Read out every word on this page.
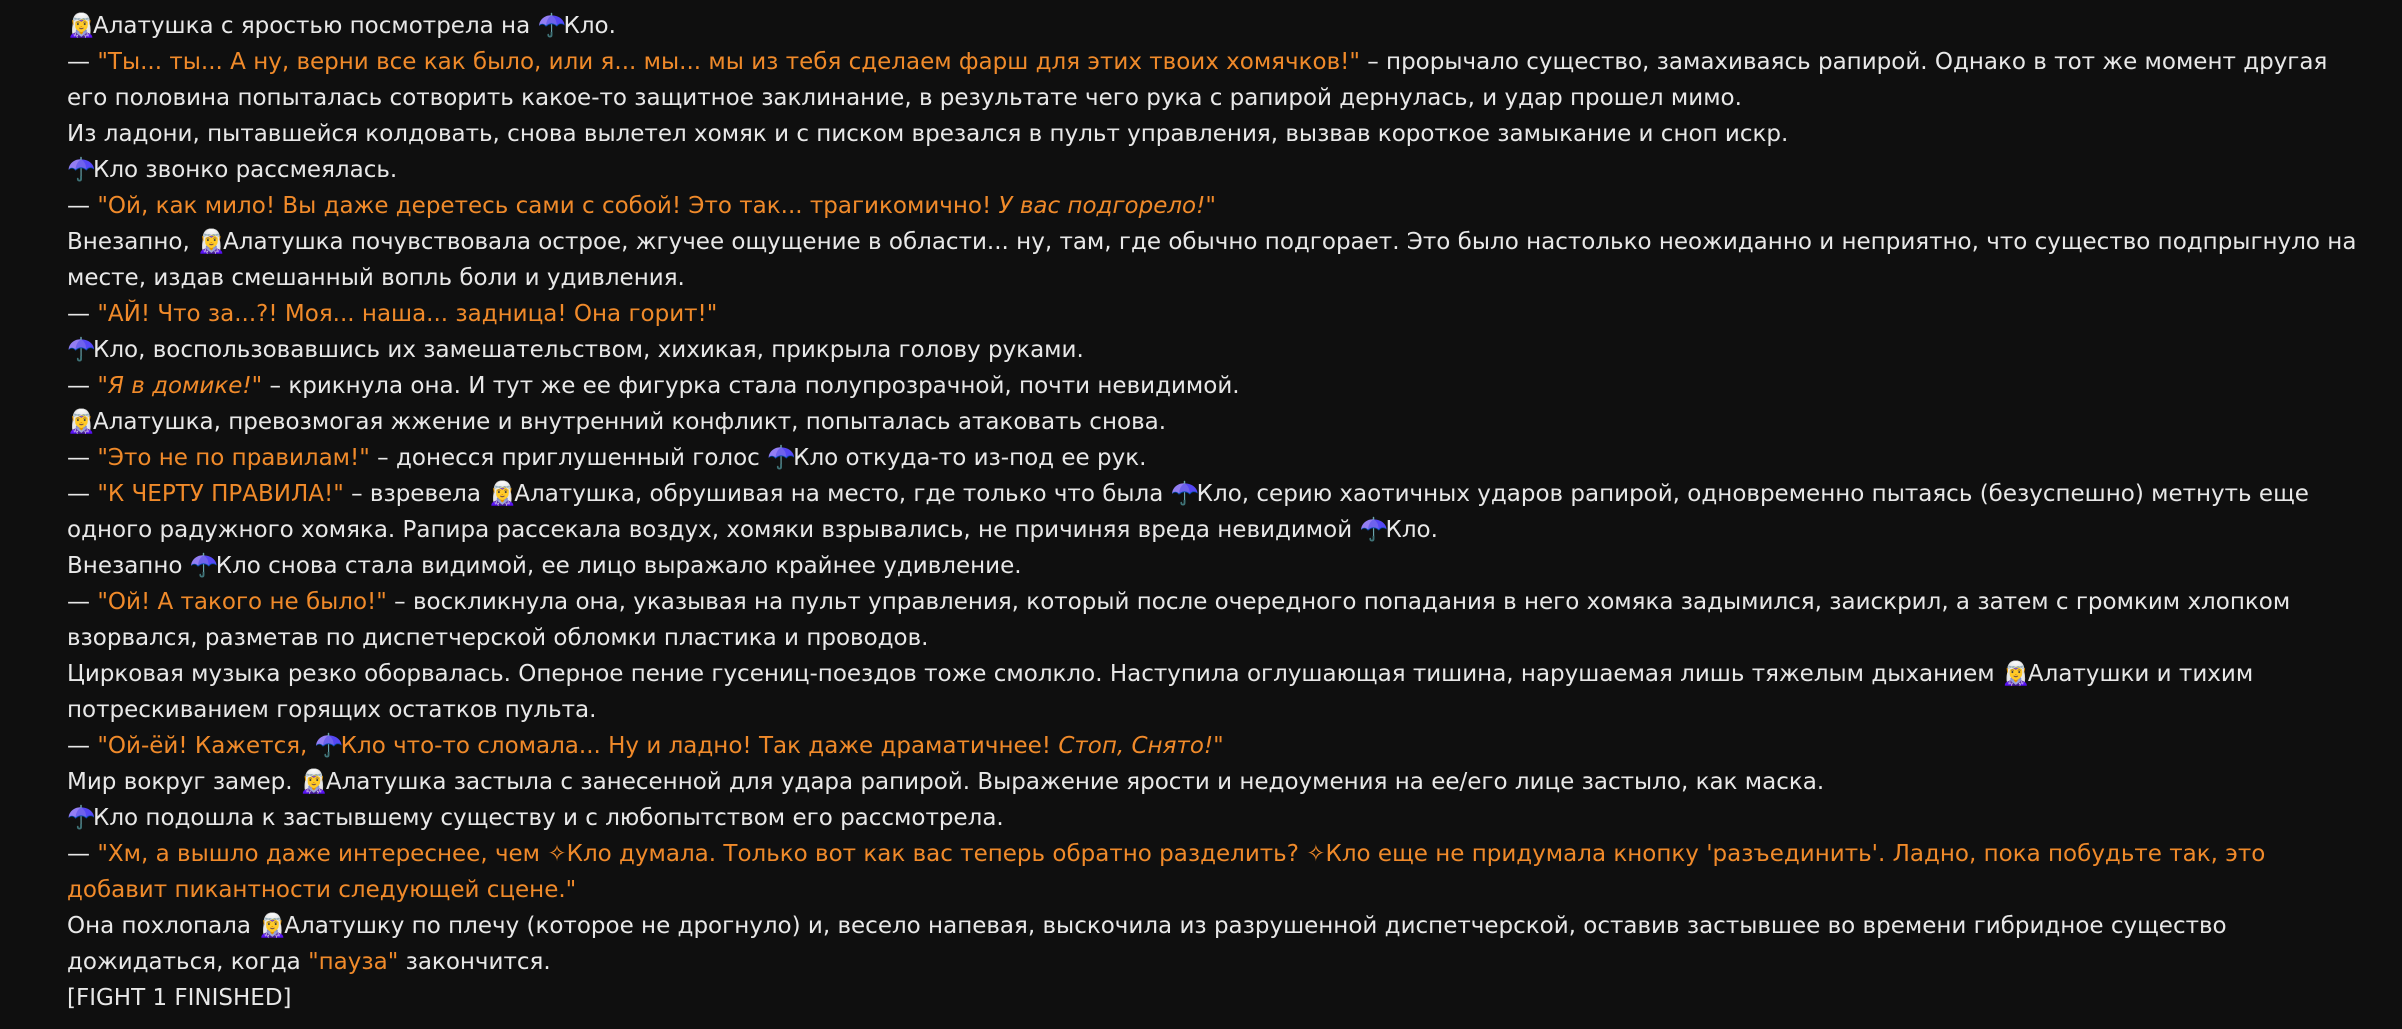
🧝‍♀️Алатушка с яростью посмотрела на ☂️Кло.

— "Ты... ты... А ну, верни все как было, или я... мы... мы из тебя сделаем фарш для этих твоих хомячков!" – прорычало существо, замахиваясь рапирой. Однако в тот же момент другая его половина попыталась сотворить какое-то защитное заклинание, в результате чего рука с рапирой дернулась, и удар прошел мимо.

Из ладони, пытавшейся колдовать, снова вылетел хомяк и с писком врезался в пульт управления, вызвав короткое замыкание и сноп искр.

☂️Кло звонко рассмеялась.

— "Ой, как мило! Вы даже деретесь сами с собой! Это так... трагикомично! У вас подгорело!"

Внезапно, 🧝‍♀️Алатушка почувствовала острое, жгучее ощущение в области... ну, там, где обычно подгорает. Это было настолько неожиданно и неприятно, что существо подпрыгнуло на месте, издав смешанный вопль боли и удивления.

— "АЙ! Что за...?! Моя... наша... задница! Она горит!"

☂️Кло, воспользовавшись их замешательством, хихикая, прикрыла голову руками.

— "Я в домике!" – крикнула она. И тут же ее фигурка стала полупрозрачной, почти невидимой.

🧝‍♀️Алатушка, превозмогая жжение и внутренний конфликт, попыталась атаковать снова.

— "Это не по правилам!" – донесся приглушенный голос ☂️Кло откуда-то из-под ее рук.

— "К ЧЕРТУ ПРАВИЛА!" – взревела 🧝‍♀️Алатушка, обрушивая на место, где только что была ☂️Кло, серию хаотичных ударов рапирой, одновременно пытаясь (безуспешно) метнуть еще одного радужного хомяка. Рапира рассекала воздух, хомяки взрывались, не причиняя вреда невидимой ☂️Кло.

Внезапно ☂️Кло снова стала видимой, ее лицо выражало крайнее удивление.

— "Ой! А такого не было!" – воскликнула она, указывая на пульт управления, который после очередного попадания в него хомяка задымился, заискрил, а затем с громким хлопком взорвался, разметав по диспетчерской обломки пластика и проводов.

Цирковая музыка резко оборвалась. Оперное пение гусениц-поездов тоже смолкло. Наступила оглушающая тишина, нарушаемая лишь тяжелым дыханием 🧝‍♀️Алатушки и тихим потрескиванием горящих остатков пульта.

— "Ой-ёй! Кажется, ☂️Кло что-то сломала... Ну и ладно! Так даже драматичнее! Стоп, Снято!"

Мир вокруг замер. 🧝‍♀️Алатушка застыла с занесенной для удара рапирой. Выражение ярости и недоумения на ее/его лице застыло, как маска.

☂️Кло подошла к застывшему существу и с любопытством его рассмотрела.

— "Хм, а вышло даже интереснее, чем ✧Кло думала. Только вот как вас теперь обратно разделить? ✧Кло еще не придумала кнопку 'разъединить'. Ладно, пока побудьте так, это добавит пикантности следующей сцене."

Она похлопала 🧝‍♀️Алатушку по плечу (которое не дрогнуло) и, весело напевая, выскочила из разрушенной диспетчерской, оставив застывшее во времени гибридное существо дожидаться, когда "пауза" закончится.

[FIGHT 1 FINISHED]
